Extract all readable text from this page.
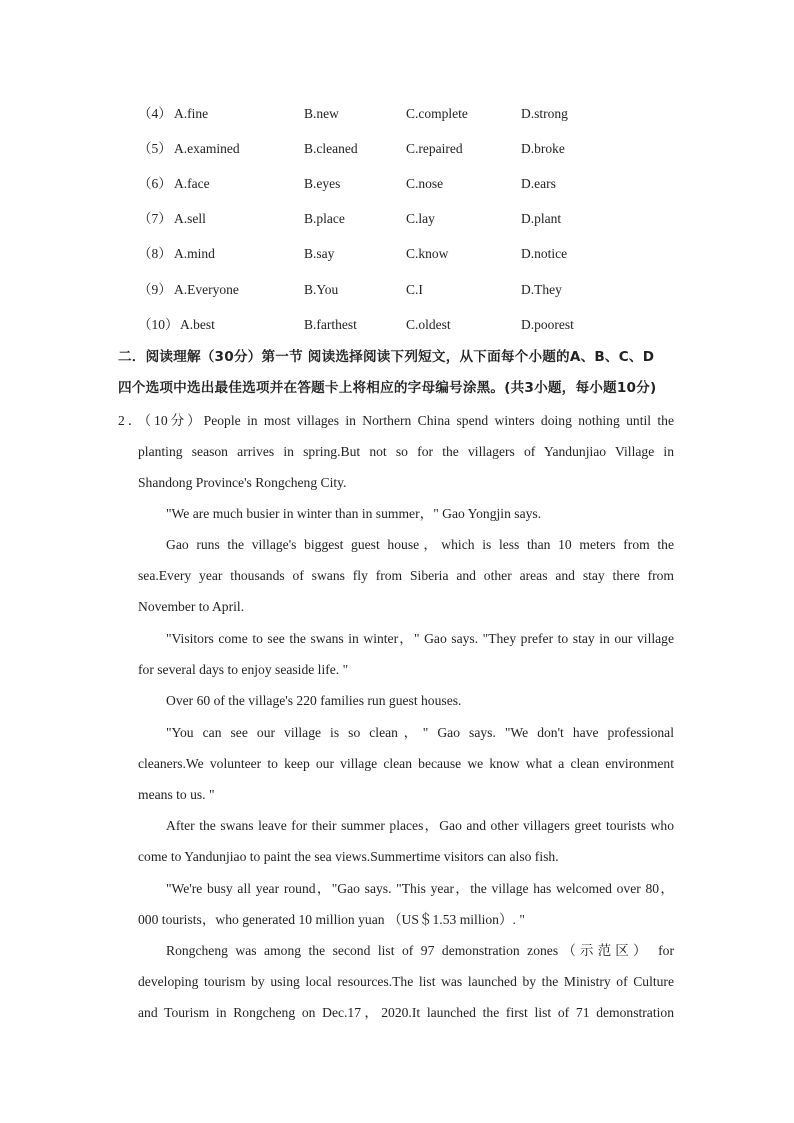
（4） A.fine	B.new	C.complete	D.strong
（5） A.examined	B.cleaned	C.repaired	D.broke
（6） A.face	B.eyes	C.nose	D.ears
（7） A.sell	B.place	C.lay	D.plant
（8） A.mind	B.say	C.know	D.notice
（9） A.Everyone	B.You	C.I	D.They
（10） A.best	B.farthest	C.oldest	D.poorest
二．阅读理解（30分）第一节 阅读选择阅读下列短文，从下面每个小题的A、B、C、D
四个选项中选出最佳选项并在答题卡上将相应的字母编号涂黑。(共3小题，每小题10分)
2．（10分）People in most villages in Northern China spend winters doing nothing until the
planting season arrives in spring.But not so for the villagers of Yandunjiao Village in
Shandong Province's Rongcheng City.
"We are much busier in winter than in summer，" Gao Yongjin says.
Gao runs the village's biggest guest house，which is less than 10 meters from the
sea.Every year thousands of swans fly from Siberia and other areas and stay there from
November to April.
"Visitors come to see the swans in winter，" Gao says. "They prefer to stay in our village
for several days to enjoy seaside life. "
Over 60 of the village's 220 families run guest houses.
"You can see our village is so clean，" Gao says. "We don't have professional
cleaners.We volunteer to keep our village clean because we know what a clean environment
means to us. "
After the swans leave for their summer places，Gao and other villagers greet tourists who
come to Yandunjiao to paint the sea views.Summertime visitors can also fish.
"We're busy all year round，"Gao says. "This year，the village has welcomed over 80，
000 tourists，who generated 10 million yuan （US＄1.53 million）. "
Rongcheng was among the second list of 97 demonstration zones（示范区） for
developing tourism by using local resources.The list was launched by the Ministry of Culture
and Tourism in Rongcheng on Dec.17，2020.It launched the first list of 71 demonstration
